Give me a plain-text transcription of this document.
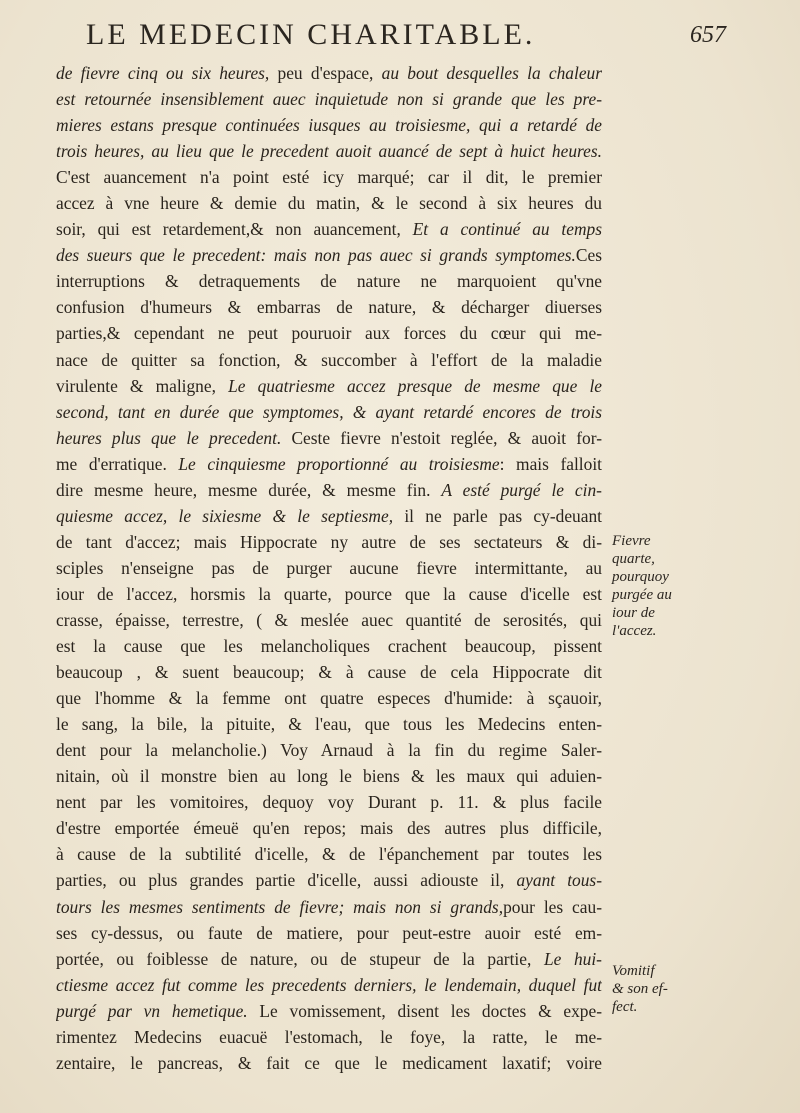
LE MEDECIN CHARITABLE.	657
de fievre cinq ou six heures, peu d'espace, au bout desquelles la chaleur
est retournée insensiblement auec inquietude non si grande que les pre-
mieres estans presque continuées iusques au troisiesme, qui a retardé de
trois heures, au lieu que le precedent auoit auancé de sept à huict heures.
C'est auancement n'a point esté icy marqué; car il dit, le premier
accez à vne heure & demie du matin, & le second à six heures du
soir, qui est retardement,& non auancement, Et a continué au temps
des sueurs que le precedent: mais non pas auec si grands symptomes.Ces
interruptions & detraquements de nature ne marquoient qu'vne
confusion d'humeurs & embarras de nature, & décharger diuerses
parties,& cependant ne peut pouruoir aux forces du cœur qui me-
nace de quitter sa fonction, & succomber à l'effort de la maladie
virulente & maligne, Le quatriesme accez presque de mesme que le
second, tant en durée que symptomes, & ayant retardé encores de trois
heures plus que le precedent. Ceste fievre n'estoit reglée, & auoit for-
me d'erratique. Le cinquiesme proportionné au troisiesme: mais falloit
dire mesme heure, mesme durée, & mesme fin. A esté purgé le cin-
quiesme accez, le sixiesme & le septiesme, il ne parle pas cy-deuant
de tant d'accez; mais Hippocrate ny autre de ses sectateurs & di-
sciples n'enseigne pas de purger aucune fievre intermittante, au
iour de l'accez, horsmis la quarte, pource que la cause d'icelle est
crasse, épaisse, terrestre, ( & meslée auec quantité de serosités, qui
est la cause que les melancholiques crachent beaucoup, pissent
beaucoup , & suent beaucoup; & à cause de cela Hippocrate dit
que l'homme & la femme ont quatre especes d'humide: à sçauoir,
le sang, la bile, la pituite, & l'eau, que tous les Medecins enten-
dent pour la melancholie.) Voy Arnaud à la fin du regime Saler-
nitain, où il monstre bien au long le biens & les maux qui aduien-
nent par les vomitoires, dequoy voy Durant p. 11. & plus facile
d'estre emportée émeuë qu'en repos; mais des autres plus difficile,
à cause de la subtilité d'icelle, & de l'épanchement par toutes les
parties, ou plus grandes partie d'icelle, aussi adiouste il, ayant tous-
tours les mesmes sentiments de fievre; mais non si grands,pour les cau-
ses cy-dessus, ou faute de matiere, pour peut-estre auoir esté em-
portée, ou foiblesse de nature, ou de stupeur de la partie, Le hui-
ctiesme accez fut comme les precedents derniers, le lendemain, duquel fut
purgé par vn hemetique. Le vomissement, disent les doctes & expe-
rimentez Medecins euacuë l'estomach, le foye, la ratte, le me-
zentaire, le pancreas, & fait ce que le medicament laxatif; voire
Fievre
quarte,
pourquoy
purgée au
iour de
l'accez.
Vomitif
& son ef-
fect.
